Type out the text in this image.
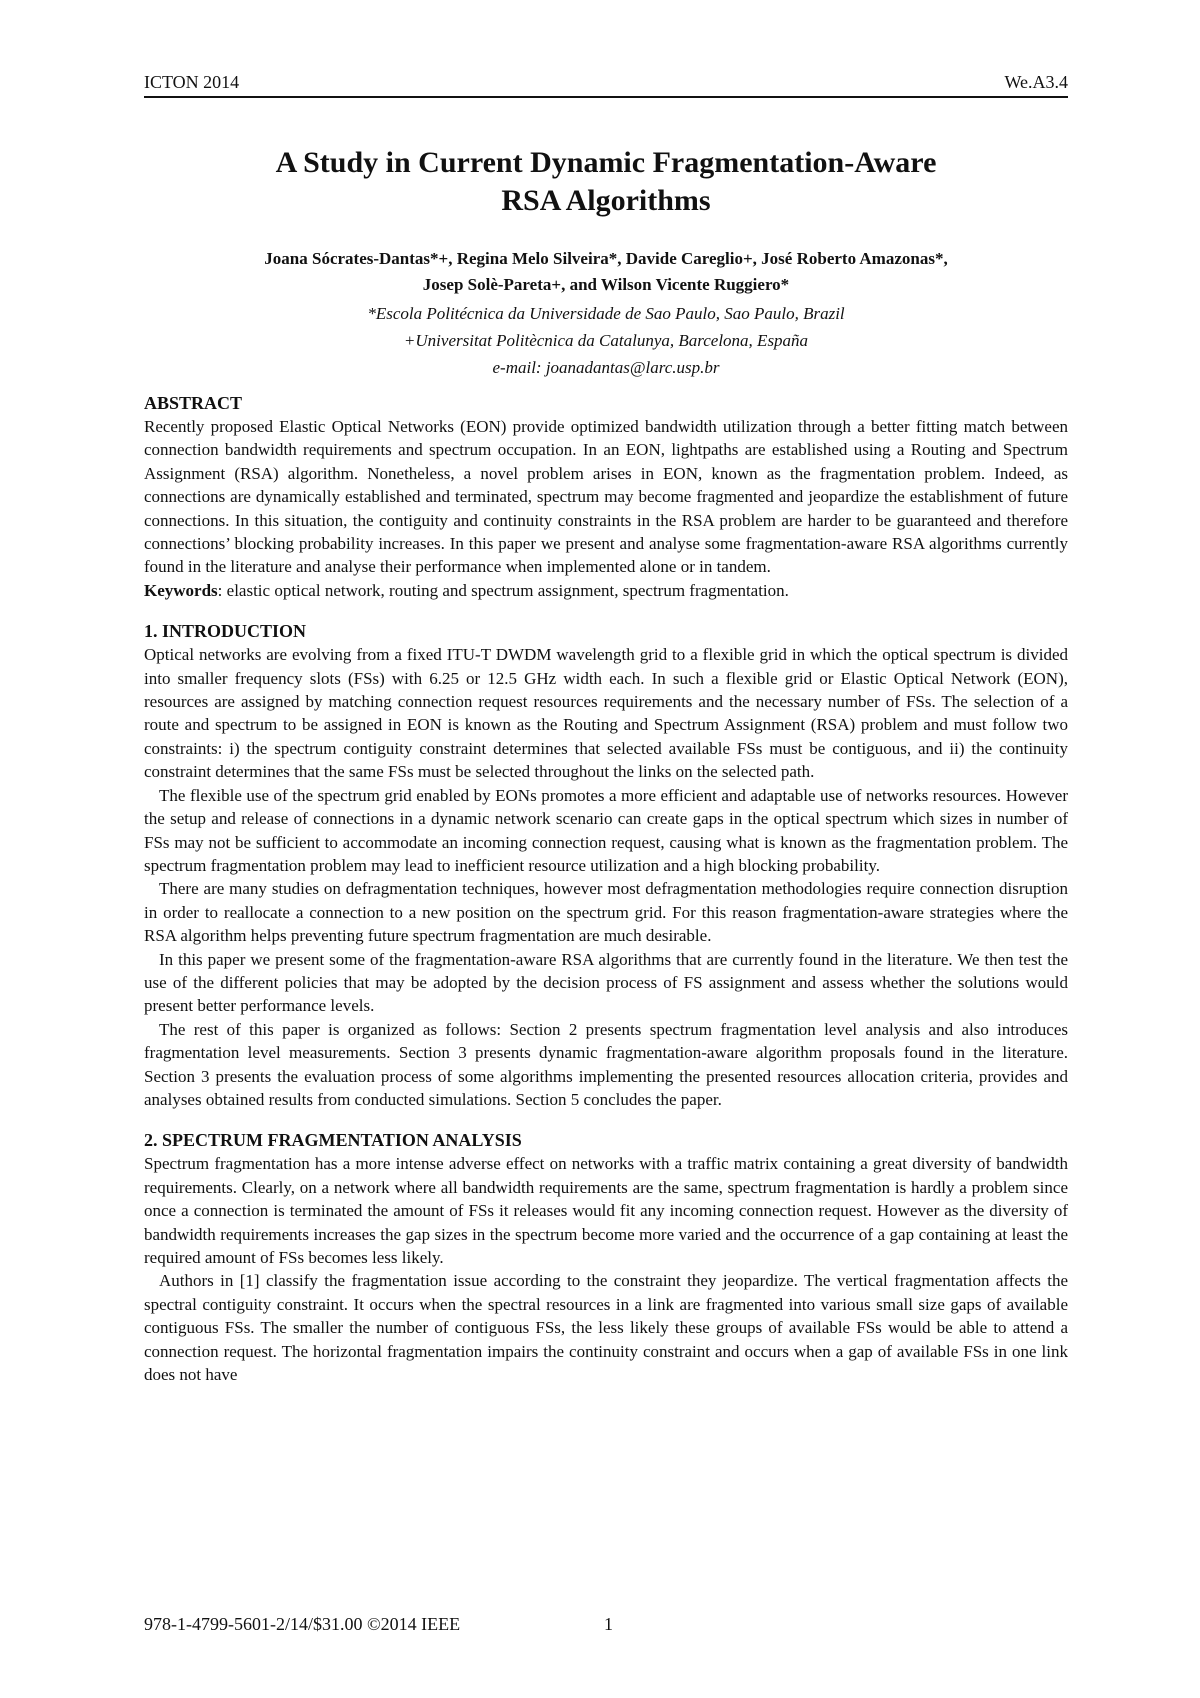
ICTON 2014	We.A3.4
A Study in Current Dynamic Fragmentation-Aware
RSA Algorithms
Joana Sócrates-Dantas*+, Regina Melo Silveira*, Davide Careglio+, José Roberto Amazonas*,
Josep Solè-Pareta+, and Wilson Vicente Ruggiero*
*Escola Politécnica da Universidade de Sao Paulo, Sao Paulo, Brazil
+Universitat Politècnica da Catalunya, Barcelona, España
e-mail: joanadantas@larc.usp.br
ABSTRACT

Recently proposed Elastic Optical Networks (EON) provide optimized bandwidth utilization through a better fitting match between connection bandwidth requirements and spectrum occupation. In an EON, lightpaths are established using a Routing and Spectrum Assignment (RSA) algorithm. Nonetheless, a novel problem arises in EON, known as the fragmentation problem. Indeed, as connections are dynamically established and terminated, spectrum may become fragmented and jeopardize the establishment of future connections. In this situation, the contiguity and continuity constraints in the RSA problem are harder to be guaranteed and therefore connections’ blocking probability increases. In this paper we present and analyse some fragmentation-aware RSA algorithms currently found in the literature and analyse their performance when implemented alone or in tandem.

Keywords: elastic optical network, routing and spectrum assignment, spectrum fragmentation.

1. INTRODUCTION

Optical networks are evolving from a fixed ITU-T DWDM wavelength grid to a flexible grid in which the optical spectrum is divided into smaller frequency slots (FSs) with 6.25 or 12.5 GHz width each. In such a flexible grid or Elastic Optical Network (EON), resources are assigned by matching connection request resources requirements and the necessary number of FSs. The selection of a route and spectrum to be assigned in EON is known as the Routing and Spectrum Assignment (RSA) problem and must follow two constraints: i) the spectrum contiguity constraint determines that selected available FSs must be contiguous, and ii) the continuity constraint determines that the same FSs must be selected throughout the links on the selected path.

The flexible use of the spectrum grid enabled by EONs promotes a more efficient and adaptable use of networks resources. However the setup and release of connections in a dynamic network scenario can create gaps in the optical spectrum which sizes in number of FSs may not be sufficient to accommodate an incoming connection request, causing what is known as the fragmentation problem. The spectrum fragmentation problem may lead to inefficient resource utilization and a high blocking probability.

There are many studies on defragmentation techniques, however most defragmentation methodologies require connection disruption in order to reallocate a connection to a new position on the spectrum grid. For this reason fragmentation-aware strategies where the RSA algorithm helps preventing future spectrum fragmentation are much desirable.

In this paper we present some of the fragmentation-aware RSA algorithms that are currently found in the literature. We then test the use of the different policies that may be adopted by the decision process of FS assignment and assess whether the solutions would present better performance levels.

The rest of this paper is organized as follows: Section 2 presents spectrum fragmentation level analysis and also introduces fragmentation level measurements. Section 3 presents dynamic fragmentation-aware algorithm proposals found in the literature. Section 3 presents the evaluation process of some algorithms implementing the presented resources allocation criteria, provides and analyses obtained results from conducted simulations. Section 5 concludes the paper.

2. SPECTRUM FRAGMENTATION ANALYSIS

Spectrum fragmentation has a more intense adverse effect on networks with a traffic matrix containing a great diversity of bandwidth requirements. Clearly, on a network where all bandwidth requirements are the same, spectrum fragmentation is hardly a problem since once a connection is terminated the amount of FSs it releases would fit any incoming connection request. However as the diversity of bandwidth requirements increases the gap sizes in the spectrum become more varied and the occurrence of a gap containing at least the required amount of FSs becomes less likely.

Authors in [1] classify the fragmentation issue according to the constraint they jeopardize. The vertical fragmentation affects the spectral contiguity constraint. It occurs when the spectral resources in a link are fragmented into various small size gaps of available contiguous FSs. The smaller the number of contiguous FSs, the less likely these groups of available FSs would be able to attend a connection request. The horizontal fragmentation impairs the continuity constraint and occurs when a gap of available FSs in one link does not have

978-1-4799-5601-2/14/$31.00 ©2014 IEEE	1
